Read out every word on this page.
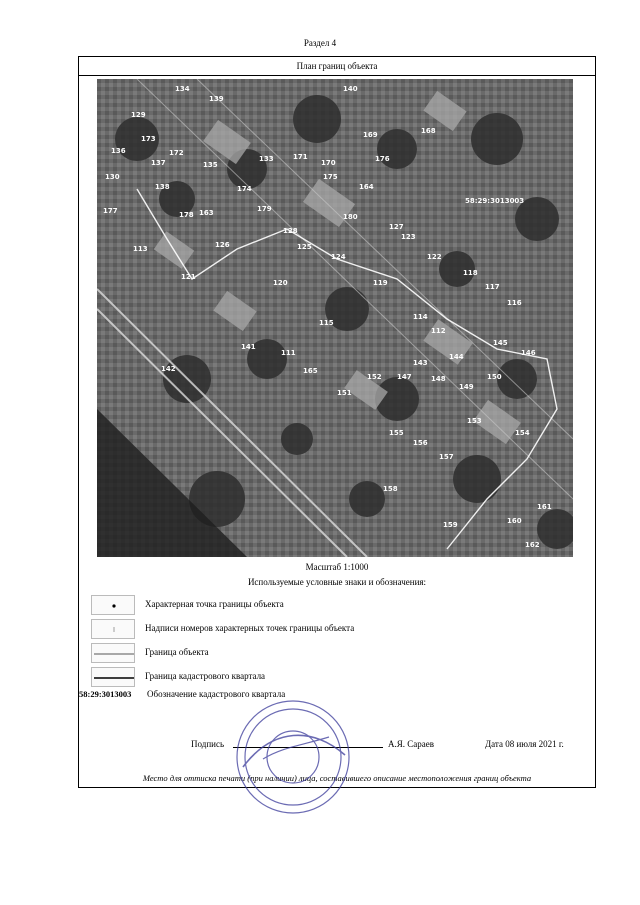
Раздел 4
План границ объекта
134
139
140
129
173
172
136
137	135
133	171
170
169	168
130
138	174
175
176
177	178
179
180
127
128
113	126	125
124
123
122
121
120	119
118
117
116
115
114
112
111
141
142
143
144
145
146
147	148
149
150
151
152
153
154
155
156
157
158
159	160
161
162
163
164
165
58:29:3013003
Масштаб 1:1000
Используемые условные знаки и обозначения:
Характерная точка границы объекта
Надписи номеров характерных точек границы объекта
Граница объекта
Граница кадастрового квартала
58:29:3013003 Обозначение кадастрового квартала
Подпись	А.Я. Сараев	Дата 08 июля 2021 г.
Место для оттиска печати (при наличии) лица, составившего описание местоположения границ объекта
